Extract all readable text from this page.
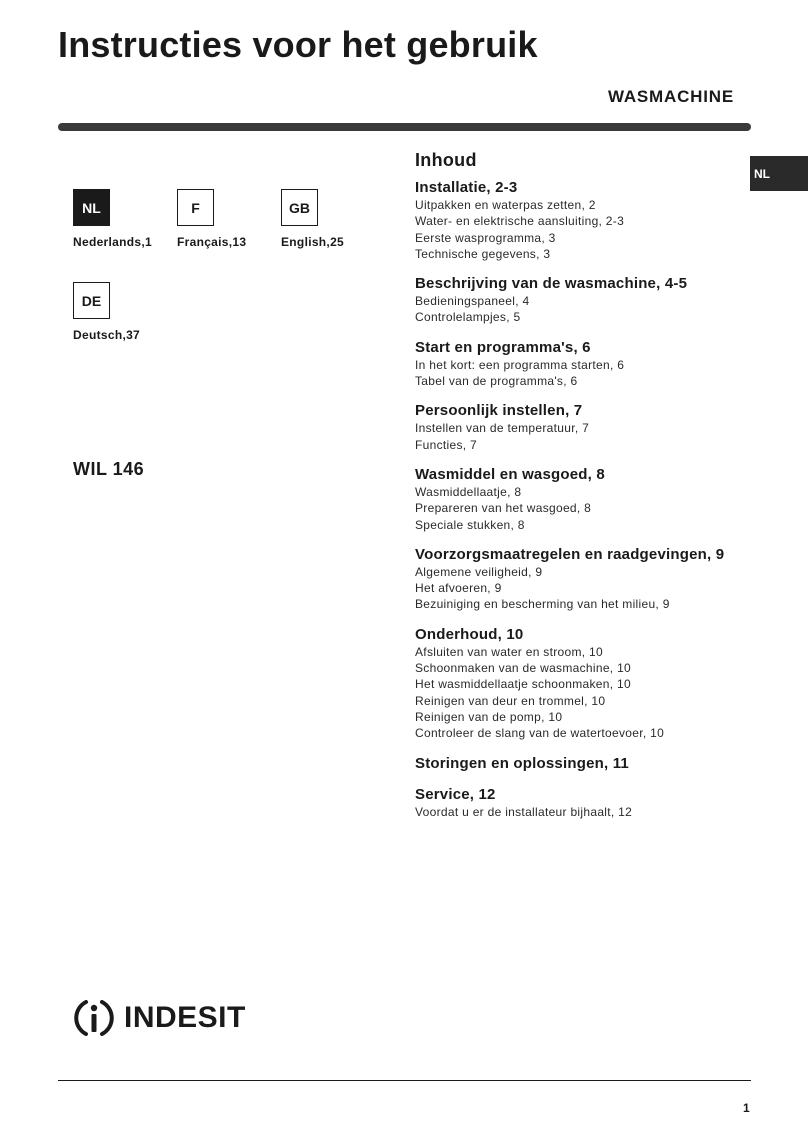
Instructies voor het gebruik
WASMACHINE
NL
NL
Nederlands,1
F
Français,13
GB
English,25
DE
Deutsch,37
WIL 146
Inhoud
Installatie, 2-3
Uitpakken en waterpas zetten, 2
Water- en elektrische aansluiting, 2-3
Eerste wasprogramma, 3
Technische gegevens, 3
Beschrijving van de wasmachine, 4-5
Bedieningspaneel, 4
Controlelampjes, 5
Start en programma's, 6
In het kort: een programma starten, 6
Tabel van de programma's, 6
Persoonlijk instellen, 7
Instellen van de temperatuur, 7
Functies, 7
Wasmiddel en wasgoed, 8
Wasmiddellaatje, 8
Prepareren van het wasgoed, 8
Speciale stukken, 8
Voorzorgsmaatregelen en raadgevingen, 9
Algemene veiligheid, 9
Het afvoeren, 9
Bezuiniging en bescherming van het milieu, 9
Onderhoud, 10
Afsluiten van water en stroom, 10
Schoonmaken van de wasmachine, 10
Het wasmiddellaatje schoonmaken, 10
Reinigen van deur en trommel, 10
Reinigen van de pomp, 10
Controleer de slang van de watertoevoer, 10
Storingen en oplossingen, 11
Service, 12
Voordat u er de installateur bijhaalt, 12
INDESIT
1
